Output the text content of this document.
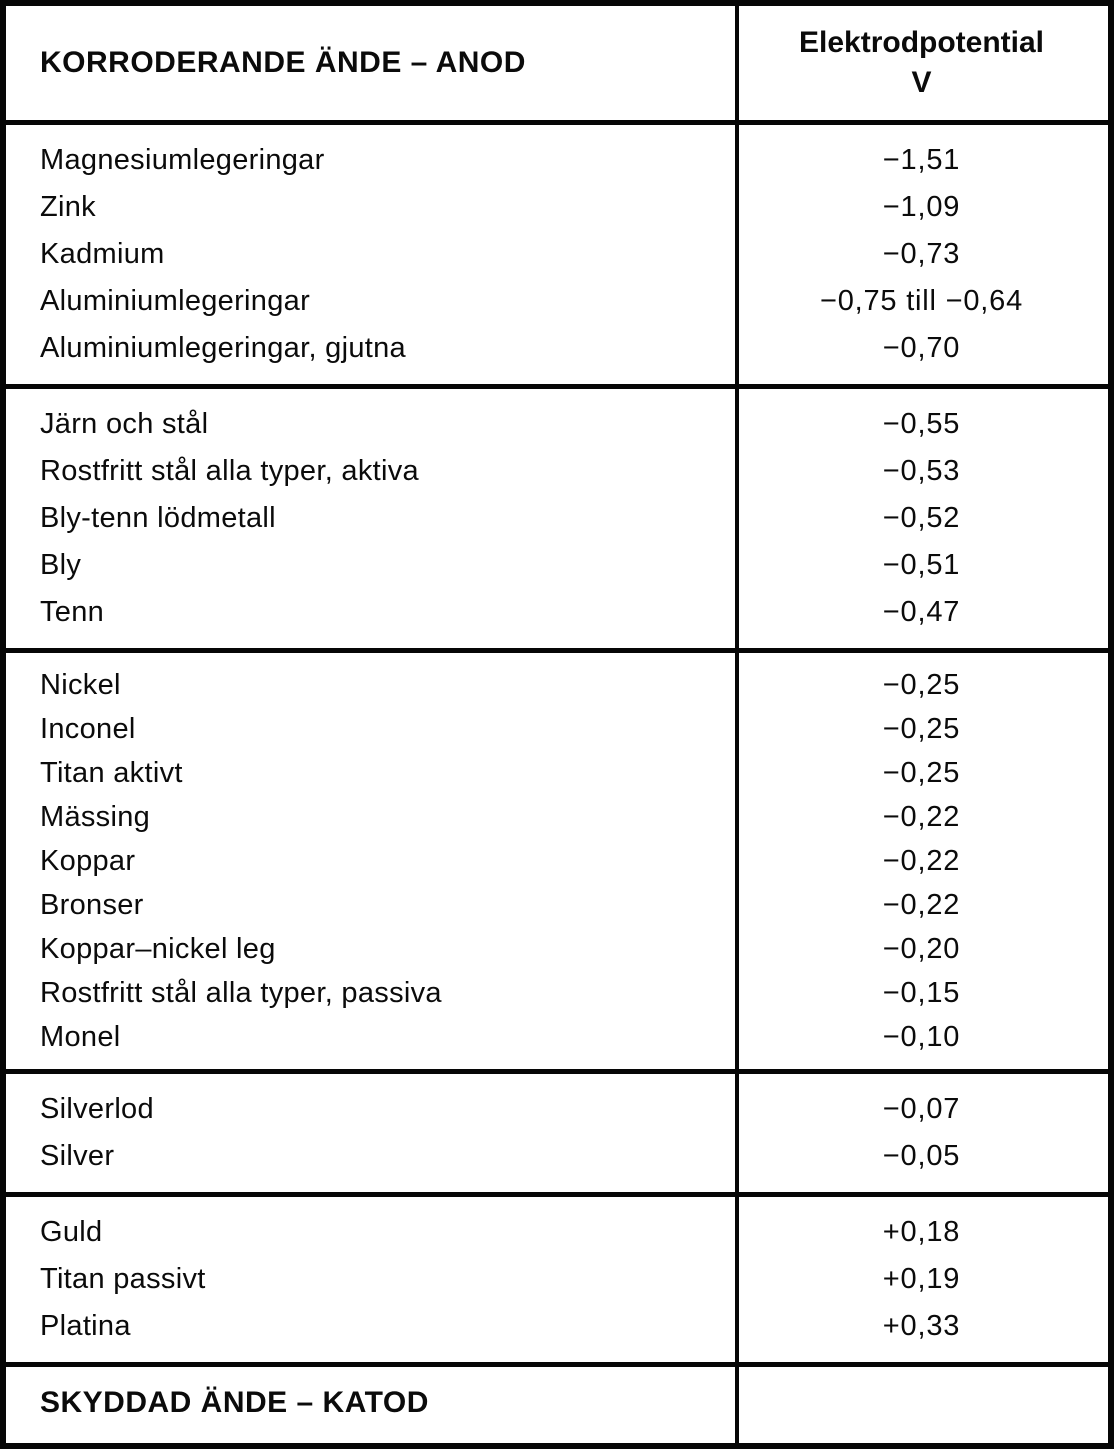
KORRODERANDE ÄNDE – ANOD
Elektrodpotential
V
Magnesiumlegeringar	−1,51
Zink	−1,09
Kadmium	−0,73
Aluminiumlegeringar	−0,75 till −0,64
Aluminiumlegeringar, gjutna	−0,70
Järn och stål	−0,55
Rostfritt stål alla typer, aktiva	−0,53
Bly-tenn lödmetall	−0,52
Bly	−0,51
Tenn	−0,47
Nickel	−0,25
Inconel	−0,25
Titan aktivt	−0,25
Mässing	−0,22
Koppar	−0,22
Bronser	−0,22
Koppar–nickel leg	−0,20
Rostfritt stål alla typer, passiva	−0,15
Monel	−0,10
Silverlod	−0,07
Silver	−0,05
Guld	+0,18
Titan passivt	+0,19
Platina	+0,33
SKYDDAD ÄNDE – KATOD
